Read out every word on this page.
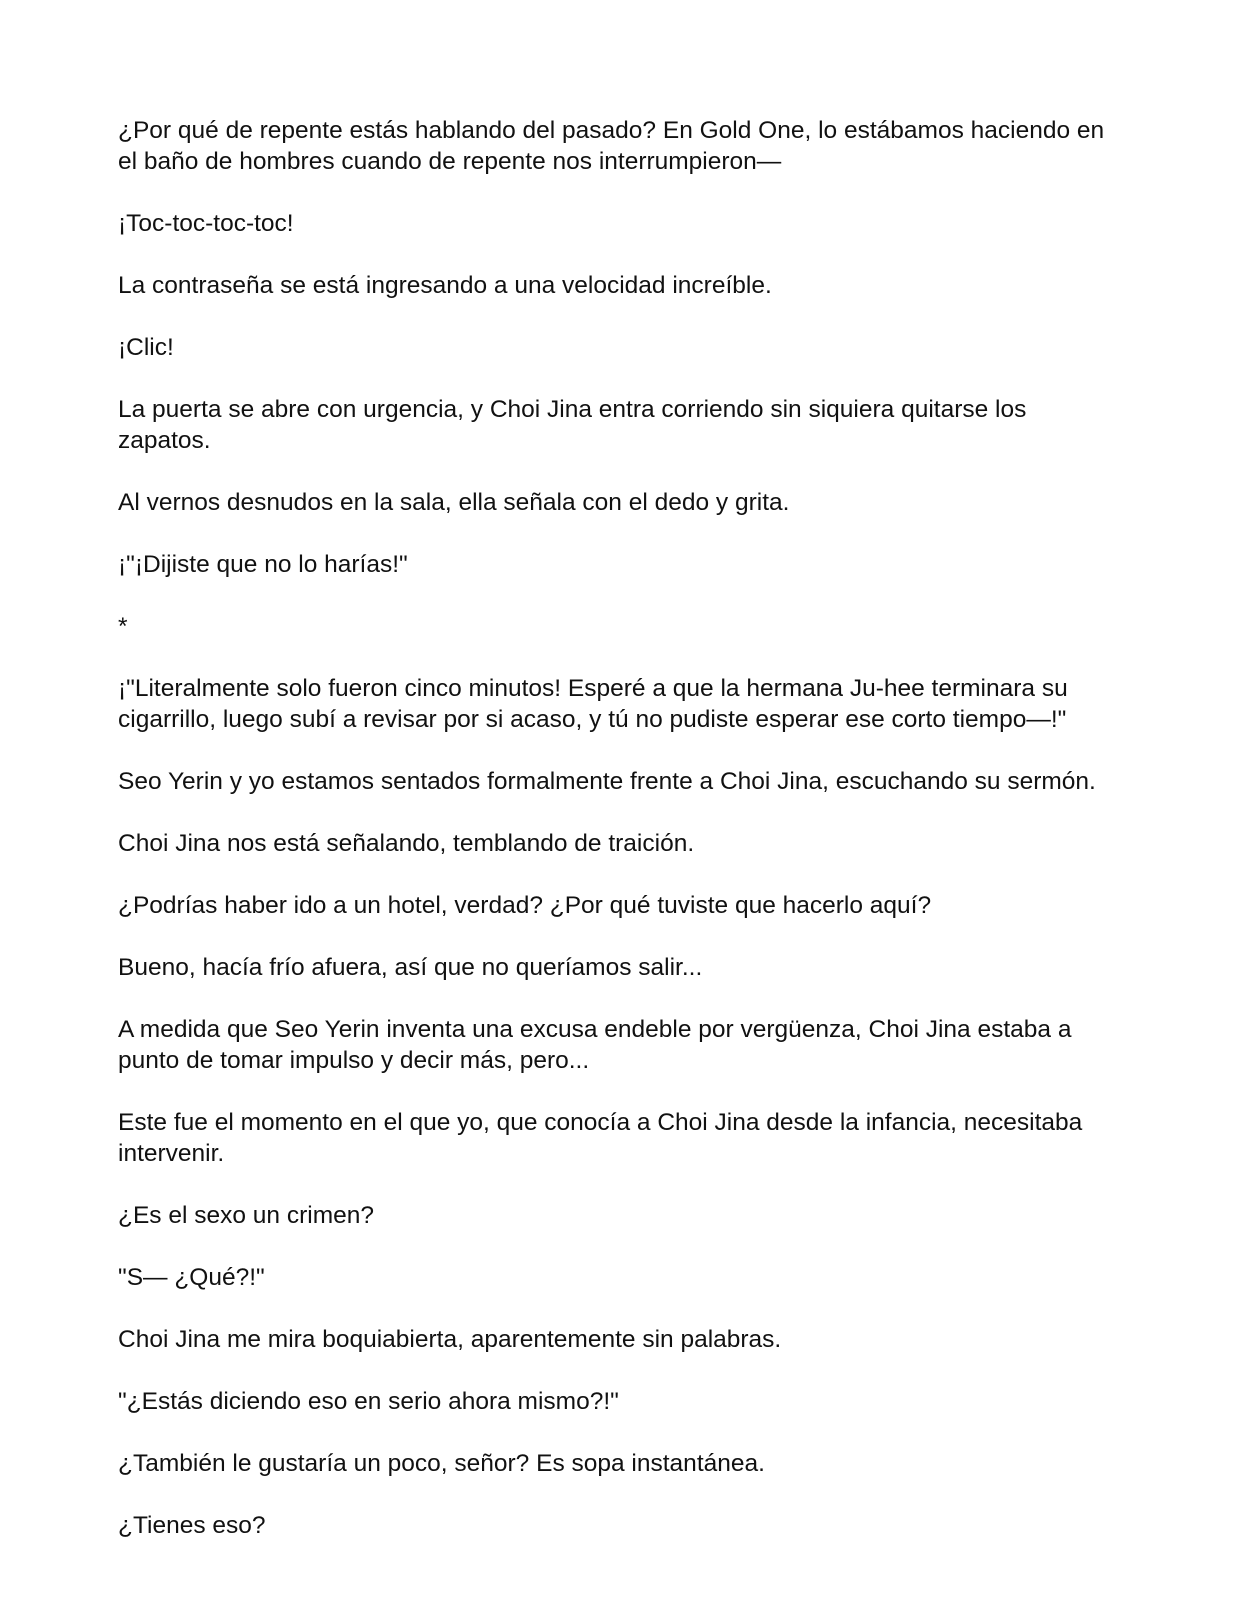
¿Por qué de repente estás hablando del pasado? En Gold One, lo estábamos haciendo en el baño de hombres cuando de repente nos interrumpieron—

¡Toc-toc-toc-toc!

La contraseña se está ingresando a una velocidad increíble.

¡Clic!

La puerta se abre con urgencia, y Choi Jina entra corriendo sin siquiera quitarse los zapatos.

Al vernos desnudos en la sala, ella señala con el dedo y grita.

¡"¡Dijiste que no lo harías!"

*

¡"Literalmente solo fueron cinco minutos! Esperé a que la hermana Ju-hee terminara su cigarrillo, luego subí a revisar por si acaso, y tú no pudiste esperar ese corto tiempo—!"

Seo Yerin y yo estamos sentados formalmente frente a Choi Jina, escuchando su sermón.

Choi Jina nos está señalando, temblando de traición.

¿Podrías haber ido a un hotel, verdad? ¿Por qué tuviste que hacerlo aquí?

Bueno, hacía frío afuera, así que no queríamos salir...

A medida que Seo Yerin inventa una excusa endeble por vergüenza, Choi Jina estaba a punto de tomar impulso y decir más, pero...

Este fue el momento en el que yo, que conocía a Choi Jina desde la infancia, necesitaba intervenir.

¿Es el sexo un crimen?

"S— ¿Qué?!"

Choi Jina me mira boquiabierta, aparentemente sin palabras.

"¿Estás diciendo eso en serio ahora mismo?!"

¿También le gustaría un poco, señor? Es sopa instantánea.

¿Tienes eso?
